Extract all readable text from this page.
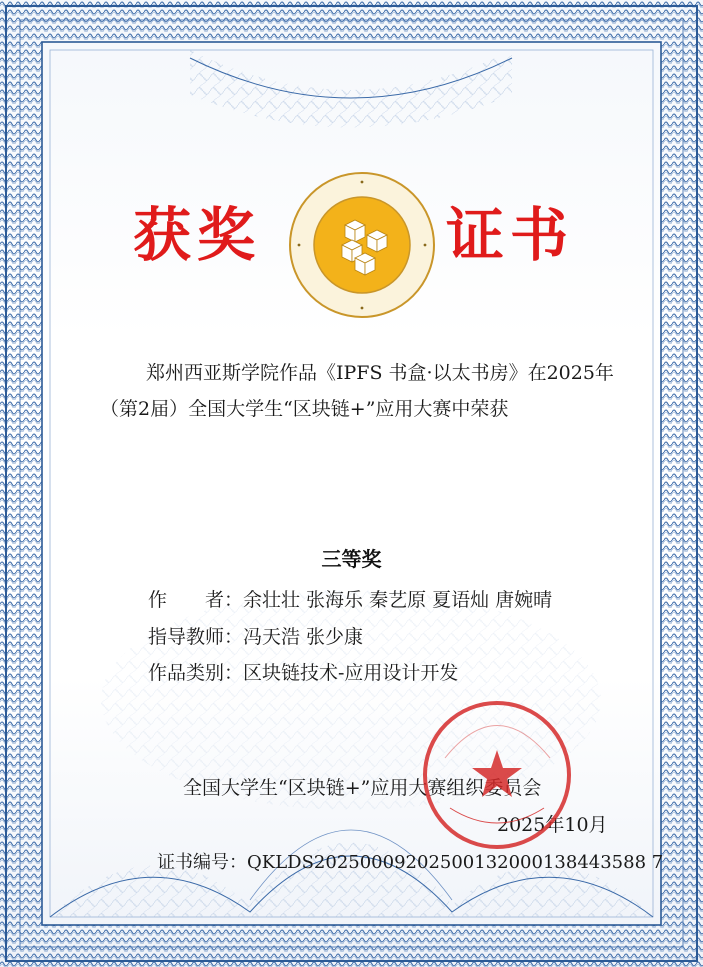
获奖	证书
郑州西亚斯学院作品《IPFS 书盒·以太书房》在2025年（第2届）全国大学生“区块链+”应用大赛中荣获
三等奖
作　　者：余壮壮 张海乐 秦艺原 夏语灿 唐婉晴
指导教师：冯天浩 张少康
作品类别：区块链技术-应用设计开发
全国大学生“区块链+”应用大赛组织委员会
2025年10月
证书编号：QKLDS20250009202500132000138443588 7
